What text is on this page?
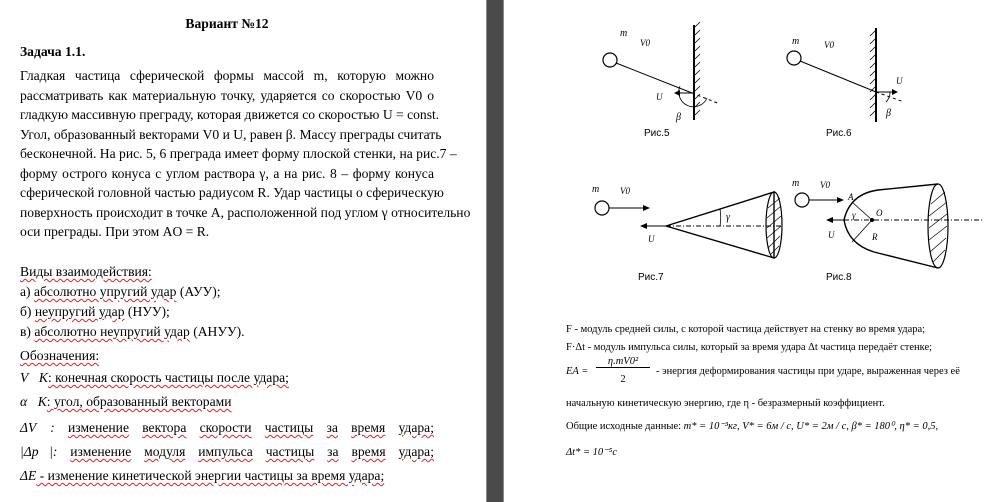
Вариант №12
Задача 1.1.
Гладкая частица сферической формы массой m, которую можно
рассматривать как материальную точку, ударяется со скоростью V0 о
гладкую массивную преграду, которая движется со скоростью U = const.
Угол, образованный векторами V0 и U, равен β. Массу преграды считать
бесконечной. На рис. 5, 6 преграда имеет форму плоской стенки, на рис.7 –
форму острого конуса с углом раствора γ, а на рис. 8 – форму конуса
сферической головной частью радиусом R. Удар частицы о сферическую
поверхность происходит в точке A, расположенной под углом γ относительно
оси преграды. При этом AO = R.
Виды взаимодействия:
а) абсолютно упругий удар (АУУ);
б) неупругий удар (НУУ);
в) абсолютно неупругий удар (АНУУ).
Обозначения:
V⃗K: конечная скорость частицы после удара;
α⃗K: угол, образованный векторами
ΔV⃗ : изменение вектора скорости частицы за время удара;
|Δp⃗|: изменение модуля импульса частицы за время удара;
ΔE - изменение кинетической энергии частицы за время удара;
m
V0
U
β
Рис.5
m	V0
U
β
Рис.6
m V0
U
γ
Рис.7
m V0
A
O
R
γ
U
Рис.8
F - модуль средней силы, с которой частица действует на стенку во время удара;
F·Δt - модуль импульса силы, который за время удара Δt частица передаёт стенке;
EA =
η.mV0²
2
- энергия деформирования частицы при ударе, выраженная через её
начальную кинетическую энергию, где η - безразмерный коэффициент.
Общие исходные данные: m* = 10⁻³кг, V* = 6м / с, U* = 2м / с, β* = 180⁰, η* = 0,5,
Δt* = 10⁻⁵с
